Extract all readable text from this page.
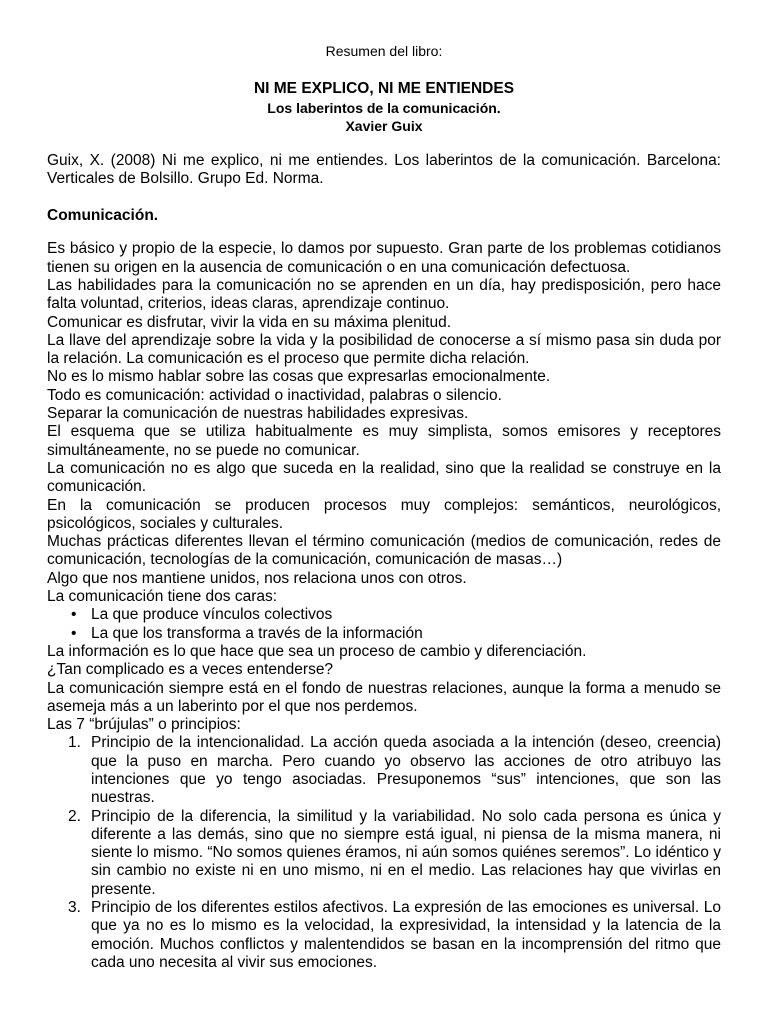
Resumen del libro:

NI ME EXPLICO, NI ME ENTIENDES

Los laberintos de la comunicación.

Xavier Guix

Guix, X. (2008) Ni me explico, ni me entiendes. Los laberintos de la comunicación. Barcelona: Verticales de Bolsillo. Grupo Ed. Norma.

Comunicación.

Es básico y propio de la especie, lo damos por supuesto. Gran parte de los problemas cotidianos tienen su origen en la ausencia de comunicación o en una comunicación defectuosa.

Las habilidades para la comunicación no se aprenden en un día, hay predisposición, pero hace falta voluntad, criterios, ideas claras, aprendizaje continuo.

Comunicar es disfrutar, vivir la vida en su máxima plenitud.

La llave del aprendizaje sobre la vida y la posibilidad de conocerse a sí mismo pasa sin duda por la relación. La comunicación es el proceso que permite dicha relación.

No es lo mismo hablar sobre las cosas que expresarlas emocionalmente.

Todo es comunicación: actividad o inactividad, palabras o silencio.

Separar la comunicación de nuestras habilidades expresivas.

El esquema que se utiliza habitualmente es muy simplista, somos emisores y receptores simultáneamente, no se puede no comunicar.

La comunicación no es algo que suceda en la realidad, sino que la realidad se construye en la comunicación.

En la comunicación se producen procesos muy complejos: semánticos, neurológicos, psicológicos, sociales y culturales.

Muchas prácticas diferentes llevan el término comunicación (medios de comunicación, redes de comunicación, tecnologías de la comunicación, comunicación de masas…)

Algo que nos mantiene unidos, nos relaciona unos con otros.

La comunicación tiene dos caras:

• La que produce vínculos colectivos
• La que los transforma a través de la información

La información es lo que hace que sea un proceso de cambio y diferenciación.

¿Tan complicado es a veces entenderse?

La comunicación siempre está en el fondo de nuestras relaciones, aunque la forma a menudo se asemeja más a un laberinto por el que nos perdemos.

Las 7 “brújulas” o principios:

1. Principio de la intencionalidad. La acción queda asociada a la intención (deseo, creencia) que la puso en marcha. Pero cuando yo observo las acciones de otro atribuyo las intenciones que yo tengo asociadas. Presuponemos “sus” intenciones, que son las nuestras.
2. Principio de la diferencia, la similitud y la variabilidad. No solo cada persona es única y diferente a las demás, sino que no siempre está igual, ni piensa de la misma manera, ni siente lo mismo. “No somos quienes éramos, ni aún somos quiénes seremos”. Lo idéntico y sin cambio no existe ni en uno mismo, ni en el medio. Las relaciones hay que vivirlas en presente.
3. Principio de los diferentes estilos afectivos. La expresión de las emociones es universal. Lo que ya no es lo mismo es la velocidad, la expresividad, la intensidad y la latencia de la emoción. Muchos conflictos y malentendidos se basan en la incomprensión del ritmo que cada uno necesita al vivir sus emociones.
